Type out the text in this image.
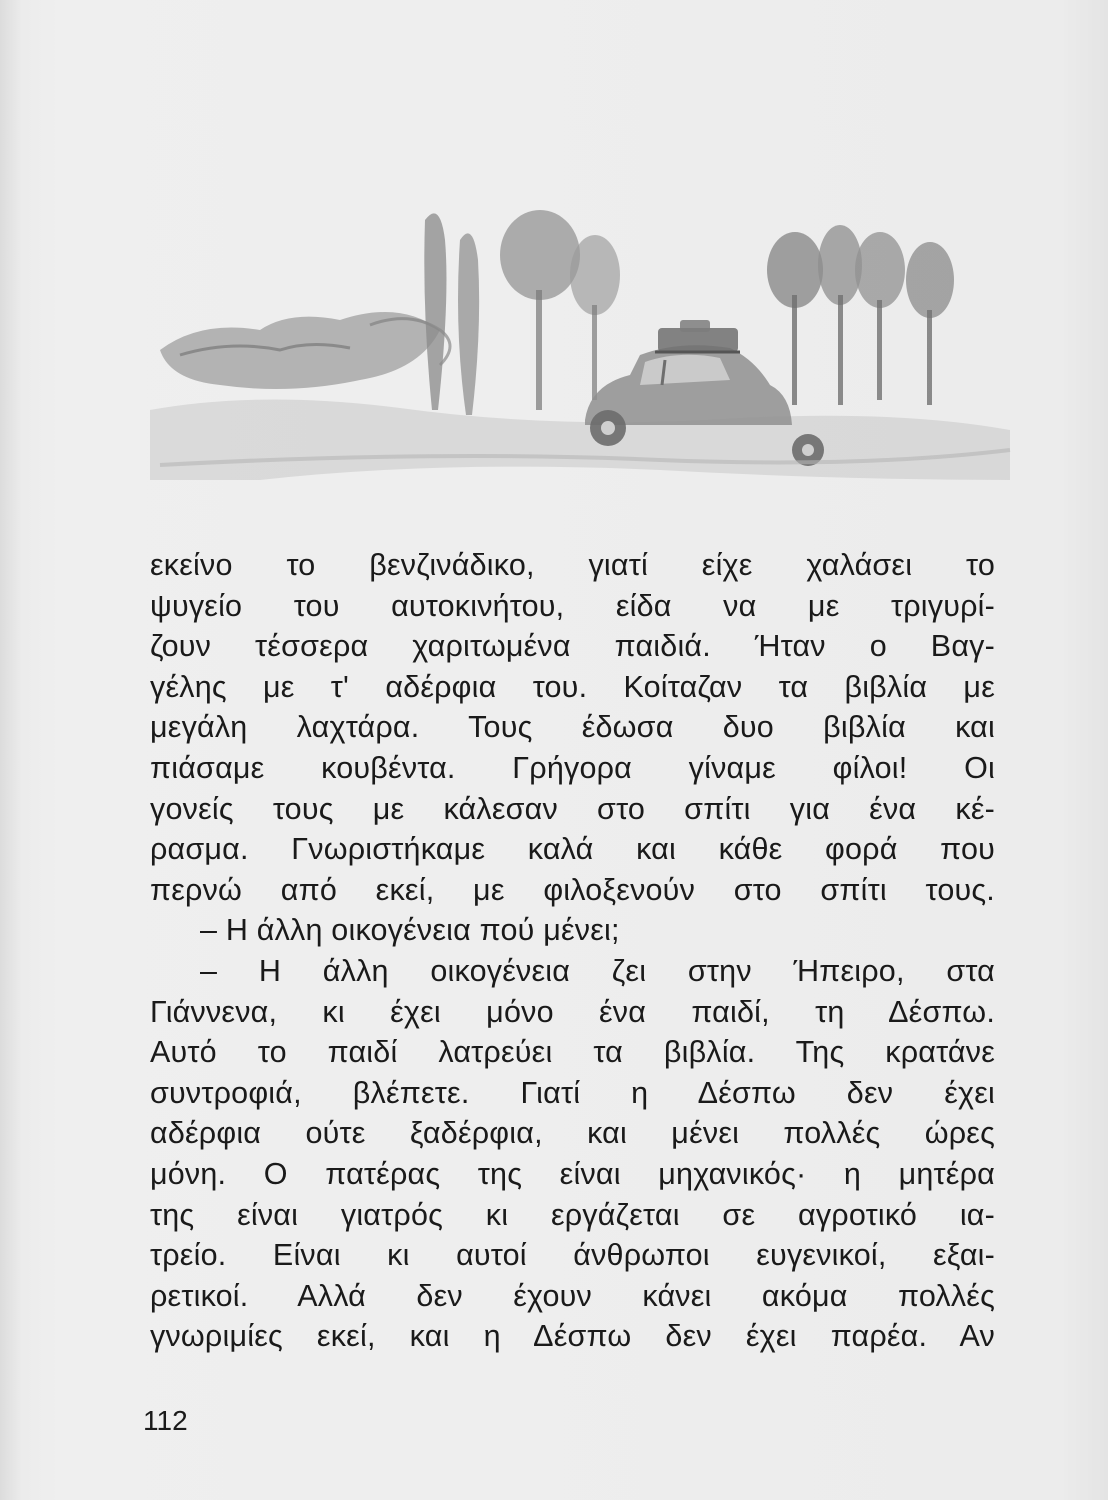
εκείνο το βενζινάδικο, γιατί είχε χαλάσει το
ψυγείο του αυτοκινήτου, είδα να με τριγυρί-
ζουν τέσσερα χαριτωμένα παιδιά. Ήταν ο Βαγ-
γέλης με τ' αδέρφια του. Κοίταζαν τα βιβλία με
μεγάλη λαχτάρα. Τους έδωσα δυο βιβλία και
πιάσαμε κουβέντα. Γρήγορα γίναμε φίλοι! Οι
γονείς τους με κάλεσαν στο σπίτι για ένα κέ-
ρασμα. Γνωριστήκαμε καλά και κάθε φορά που
περνώ από εκεί, με φιλοξενούν στο σπίτι τους.
– Η άλλη οικογένεια πού μένει;
– Η άλλη οικογένεια ζει στην Ήπειρο, στα
Γιάννενα, κι έχει μόνο ένα παιδί, τη Δέσπω.
Αυτό το παιδί λατρεύει τα βιβλία. Της κρατάνε
συντροφιά, βλέπετε. Γιατί η Δέσπω δεν έχει
αδέρφια ούτε ξαδέρφια, και μένει πολλές ώρες
μόνη. Ο πατέρας της είναι μηχανικός· η μητέρα
της είναι γιατρός κι εργάζεται σε αγροτικό ια-
τρείο. Είναι κι αυτοί άνθρωποι ευγενικοί, εξαι-
ρετικοί. Αλλά δεν έχουν κάνει ακόμα πολλές
γνωριμίες εκεί, και η Δέσπω δεν έχει παρέα. Αν
112
